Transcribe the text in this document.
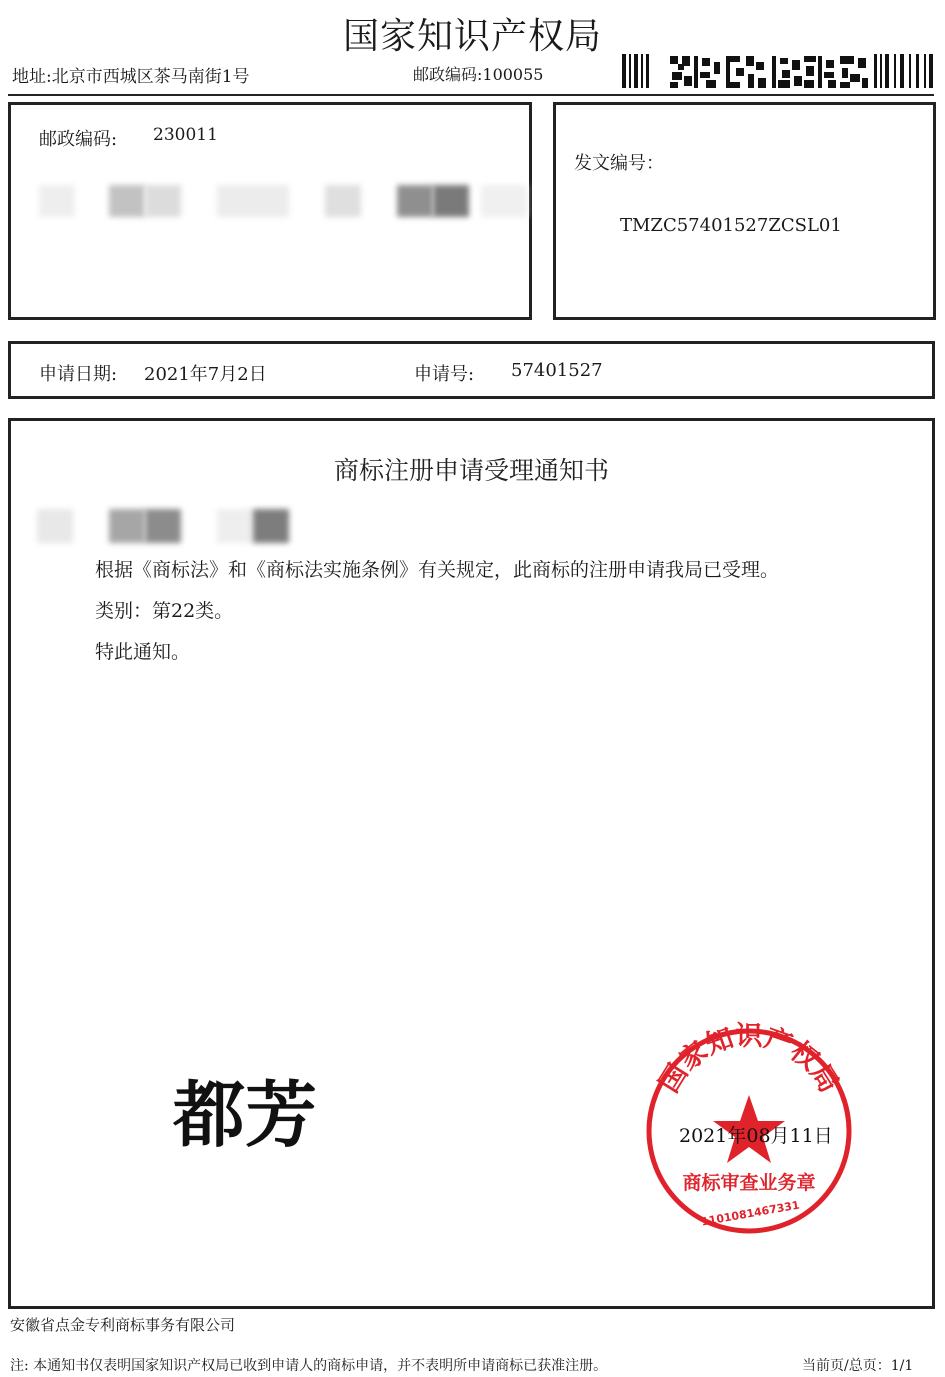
国家知识产权局
地址:北京市西城区茶马南街1号	邮政编码:100055
邮政编码: 230011
发文编号：
TMZC57401527ZCSL01
申请日期: 2021年7月2日	申请号: 57401527
商标注册申请受理通知书
根据《商标法》和《商标法实施条例》有关规定，此商标的注册申请我局已受理。
类别：第22类。
特此通知。
都芳	国家知识产权局
商标审查业务章
1101081467331
2021年08月11日
安徽省点金专利商标事务有限公司
注: 本通知书仅表明国家知识产权局已收到申请人的商标申请，并不表明所申请商标已获准注册。	当前页/总页：1/1
